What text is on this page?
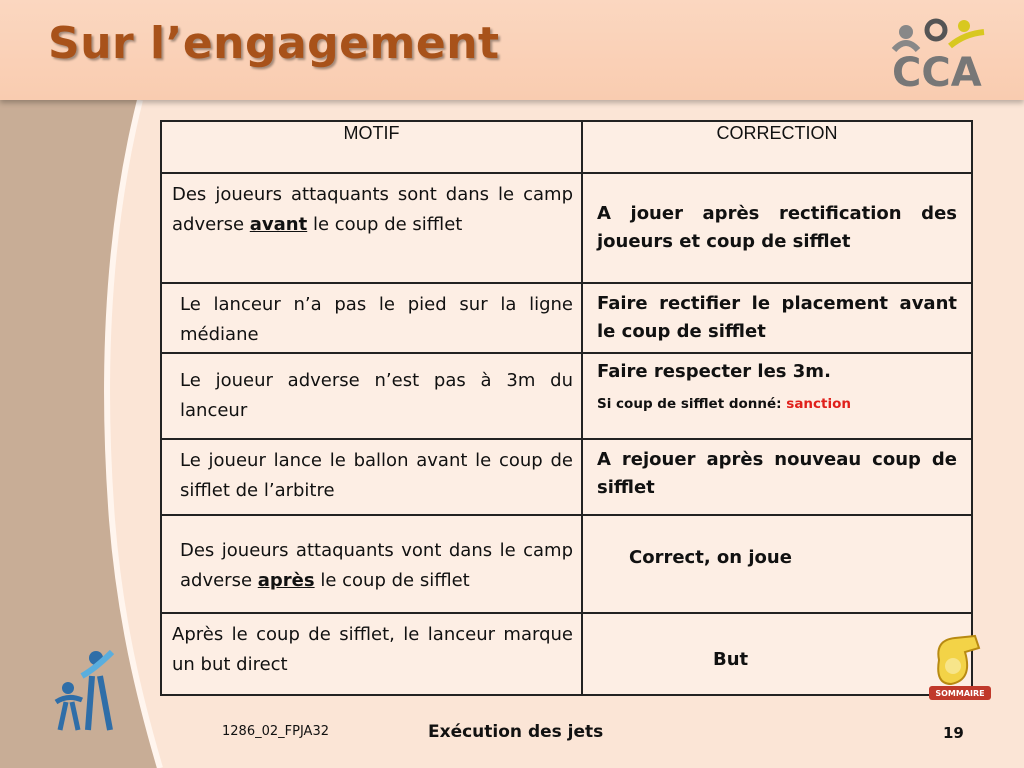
Sur l’engagement
CCA
MOTIF	CORRECTION
Des joueurs attaquants sont dans le camp adverse avant le coup de sifflet	A jouer après rectification des joueurs et coup de sifflet
Le lanceur n’a pas le pied sur la ligne médiane	Faire rectifier le placement avant le coup de sifflet
Le joueur adverse n’est pas à 3m du lanceur	Faire respecter les 3m.
Si coup de sifflet donné: sanction

Le joueur lance le ballon avant le coup de sifflet de l’arbitre	A rejouer après nouveau coup de sifflet
Des joueurs attaquants vont dans le camp adverse après le coup de sifflet	Correct, on joue
Après le coup de sifflet, le lanceur marque un but direct	But
SOMMAIRE
1286_02_FPJA32	Exécution des jets	19
